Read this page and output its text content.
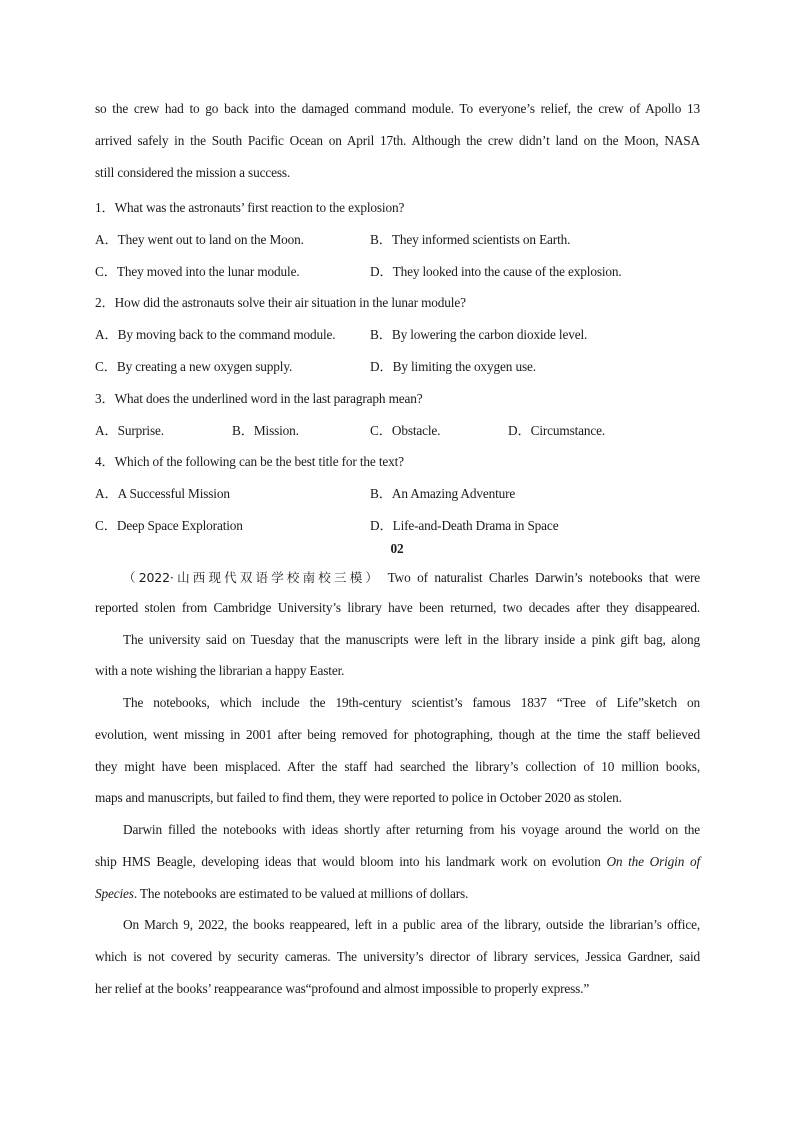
so the crew had to go back into the damaged command module. To everyone’s relief, the crew of Apollo 13
arrived safely in the South Pacific Ocean on April 17th. Although the crew didn’t land on the Moon, NASA
still considered the mission a success.
1．What was the astronauts’ first reaction to the explosion?
A．They went out to land on the Moon.	B．They informed scientists on Earth.
C．They moved into the lunar module.	D．They looked into the cause of the explosion.
2．How did the astronauts solve their air situation in the lunar module?
A．By moving back to the command module.	B．By lowering the carbon dioxide level.
C．By creating a new oxygen supply.	D．By limiting the oxygen use.
3．What does the underlined word in the last paragraph mean?
A．Surprise.	B．Mission.	C．Obstacle.	D．Circumstance.
4．Which of the following can be the best title for the text?
A．A Successful Mission	B．An Amazing Adventure
C．Deep Space Exploration	D．Life-and-Death Drama in Space
02
（2022·山西现代双语学校南校三模） Two of naturalist Charles Darwin’s notebooks that were
reported stolen from Cambridge University’s library have been returned, two decades after they disappeared.
The university said on Tuesday that the manuscripts were left in the library inside a pink gift bag, along
with a note wishing the librarian a happy Easter.
The notebooks, which include the 19th-century scientist’s famous 1837 “Tree of Life”sketch on
evolution, went missing in 2001 after being removed for photographing, though at the time the staff believed
they might have been misplaced. After the staff had searched the library’s collection of 10 million books,
maps and manuscripts, but failed to find them, they were reported to police in October 2020 as stolen.
Darwin filled the notebooks with ideas shortly after returning from his voyage around the world on the
ship HMS Beagle, developing ideas that would bloom into his landmark work on evolution On the Origin of
Species. The notebooks are estimated to be valued at millions of dollars.
On March 9, 2022, the books reappeared, left in a public area of the library, outside the librarian’s office,
which is not covered by security cameras. The university’s director of library services, Jessica Gardner, said
her relief at the books’ reappearance was“profound and almost impossible to properly express.”
